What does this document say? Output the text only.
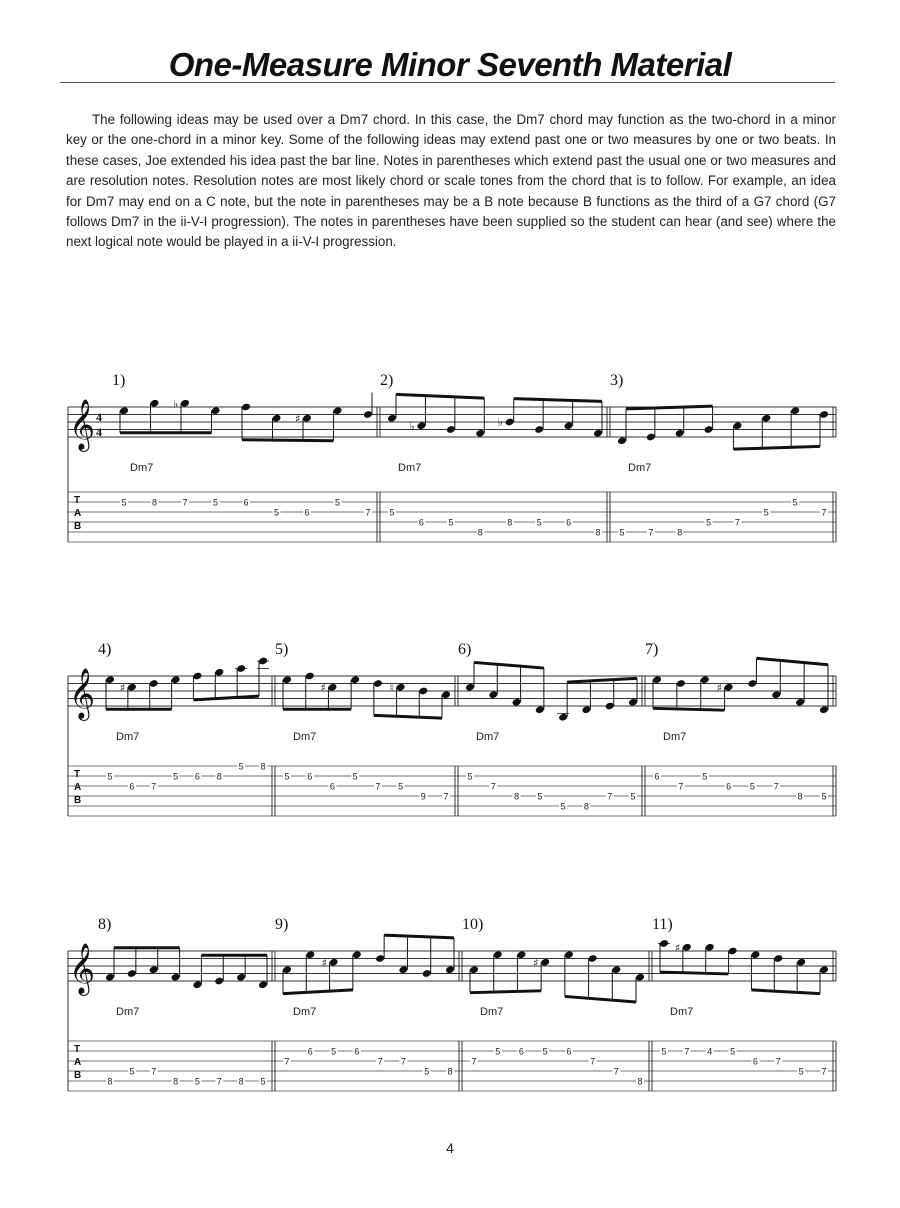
One-Measure Minor Seventh Material
The following ideas may be used over a Dm7 chord. In this case, the Dm7 chord may function as the two-chord in a minor key or the one-chord in a minor key. Some of the following ideas may extend past one or two measures by one or two beats. In these cases, Joe extended his idea past the bar line. Notes in parentheses which extend past the usual one or two measures and are resolution notes. Resolution notes are most likely chord or scale tones from the chord that is to follow. For example, an idea for Dm7 may end on a C note, but the note in parentheses may be a B note because B functions as the third of a G7 chord (G7 follows Dm7 in the ii-V-I progression). The notes in parentheses have been supplied so the student can hear (and see) where the next logical note would be played in a ii-V-I progression.
𝄞 4
4
T
A
B
𝄞
T
A
B
𝄞
T
A
B
1)
Dm7
♭
♯
5	8	7	5	6
5	6
5
7
2)
Dm7
♭	♭
5
6	5
8
8	5	6
8
3)
Dm7
5	7	8
5	7
5
5
7
4)
Dm7
♯
5
6 7
5 6 8
5 8
5)
Dm7
♯	♮
5 6
6
5
7 5
9 7
6)
Dm7
5
7
8 5
5 8
7 5
7)
Dm7
♯
6
7
5
6 5 7
8 5
8)
Dm7
8
5 7
8 5 7 8 5
9)
Dm7
♯
7
6 5 6
7 7
5 8
10)
Dm7
♯
7
5 6 5 6
7
7
8
11)
Dm7
♯
5 7 4 5
6 7
5 7
4
